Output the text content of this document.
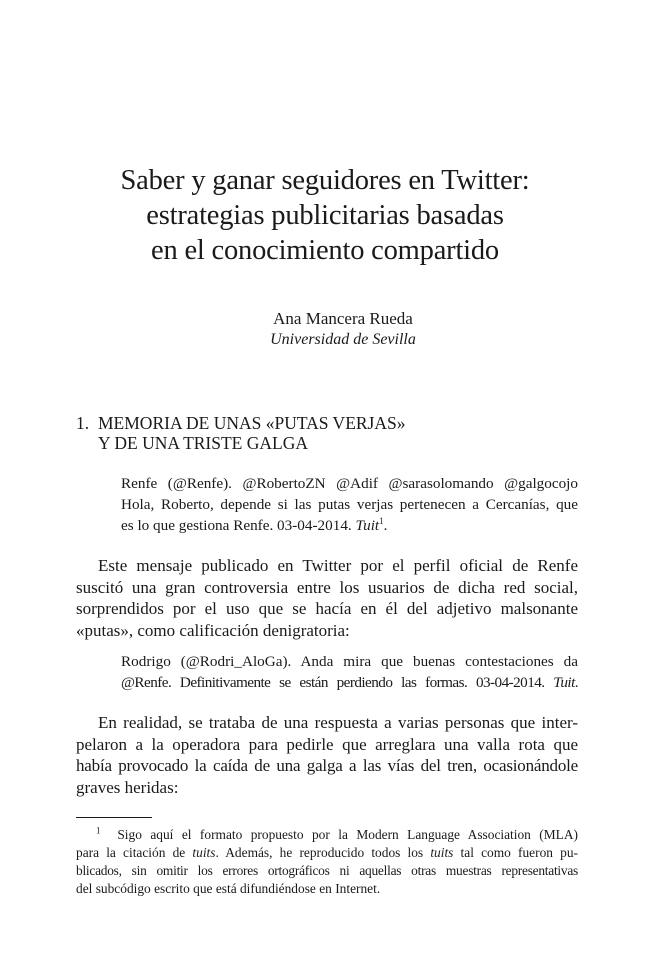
Saber y ganar seguidores en Twitter:
estrategias publicitarias basadas
en el conocimiento compartido
Ana Mancera Rueda
Universidad de Sevilla
1. MEMORIA DE UNAS «PUTAS VERJAS»
Y DE UNA TRISTE GALGA
Renfe (@Renfe). @RobertoZN @Adif @sarasolomando @galgocojo
Hola, Roberto, depende si las putas verjas pertenecen a Cercanías, que
es lo que gestiona Renfe. 03-04-2014. Tuit$^1$.
Este mensaje publicado en Twitter por el perfil oficial de Renfe
suscitó una gran controversia entre los usuarios de dicha red social,
sorprendidos por el uso que se hacía en él del adjetivo malsonante
«putas», como calificación denigratoria:
Rodrigo (@Rodri_AloGa). Anda mira que buenas contestaciones da
@Renfe. Definitivamente se están perdiendo las formas. 03-04-2014. Tuit.
En realidad, se trataba de una respuesta a varias personas que inter-
pelaron a la operadora para pedirle que arreglara una valla rota que
había provocado la caída de una galga a las vías del tren, ocasionándole
graves heridas:
$^1$ Sigo aquí el formato propuesto por la Modern Language Association (MLA)
para la citación de tuits. Además, he reproducido todos los tuits tal como fueron pu-
blicados, sin omitir los errores ortográficos ni aquellas otras muestras representativas
del subcódigo escrito que está difundiéndose en Internet.
